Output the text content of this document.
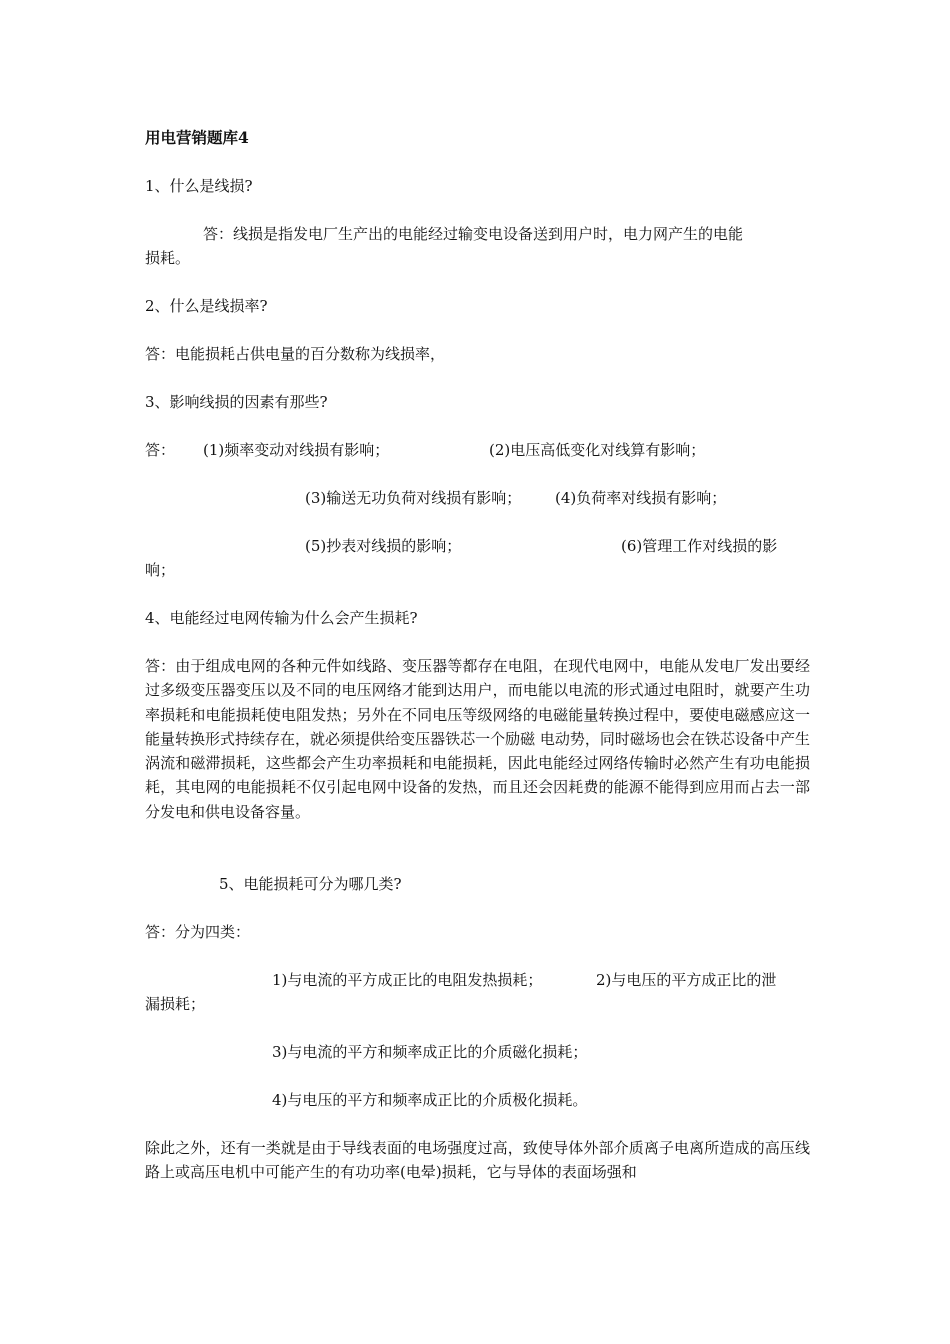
用电营销题库4
1、什么是线损?
答：线损是指发电厂生产出的电能经过输变电设备送到用户时，电力网产生的电能
损耗。
2、什么是线损率?
答：电能损耗占供电量的百分数称为线损率，
3、影响线损的因素有那些?
答： (1)频率变动对线损有影响；	(2)电压高低变化对线算有影响；
(3)输送无功负荷对线损有影响； (4)负荷率对线损有影响；
(5)抄表对线损的影响；	(6)管理工作对线损的影
响；
4、电能经过电网传输为什么会产生损耗?
答：由于组成电网的各种元件如线路、变压器等都存在电阻，在现代电网中，电能从发电厂发出要经过多级变压器变压以及不同的电压网络才能到达用户，而电能以电流的形式通过电阻时，就要产生功率损耗和电能损耗使电阻发热；另外在不同电压等级网络的电磁能量转换过程中，要使电磁感应这一能量转换形式持续存在，就必须提供给变压器铁芯一个励磁 电动势，同时磁场也会在铁芯设备中产生涡流和磁滞损耗，这些都会产生功率损耗和电能损耗，因此电能经过网络传输时必然产生有功电能损耗，其电网的电能损耗不仅引起电网中设备的发热，而且还会因耗费的能源不能得到应用而占去一部分发电和供电设备容量。
5、电能损耗可分为哪几类?
答：分为四类：
1)与电流的平方成正比的电阻发热损耗；	2)与电压的平方成正比的泄
漏损耗；
3)与电流的平方和频率成正比的介质磁化损耗；
4)与电压的平方和频率成正比的介质极化损耗。
除此之外，还有一类就是由于导线表面的电场强度过高，致使导体外部介质离子电离所造成的高压线路上或高压电机中可能产生的有功功率(电晕)损耗，它与导体的表面场强和
